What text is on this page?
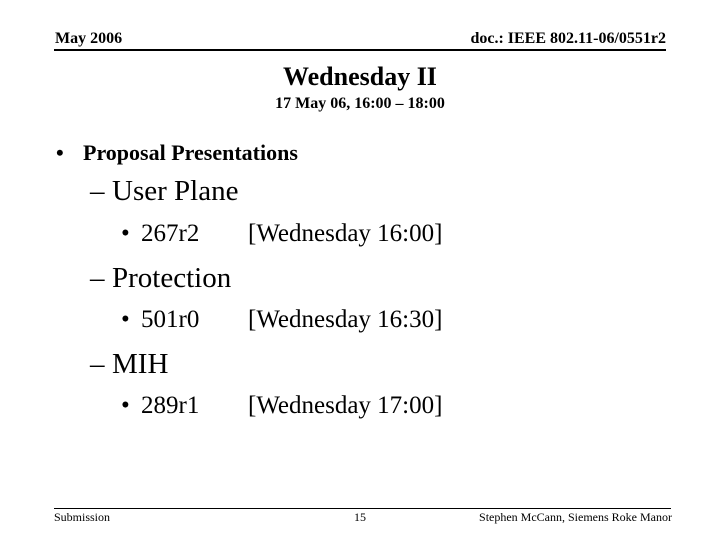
May 2006	doc.: IEEE 802.11-06/0551r2
Wednesday II
17 May 06, 16:00 – 18:00
• Proposal Presentations
– User Plane
• 267r2 [Wednesday 16:00]
– Protection
• 501r0 [Wednesday 16:30]
– MIH
• 289r1 [Wednesday 17:00]
Submission	15	Stephen McCann, Siemens Roke Manor
